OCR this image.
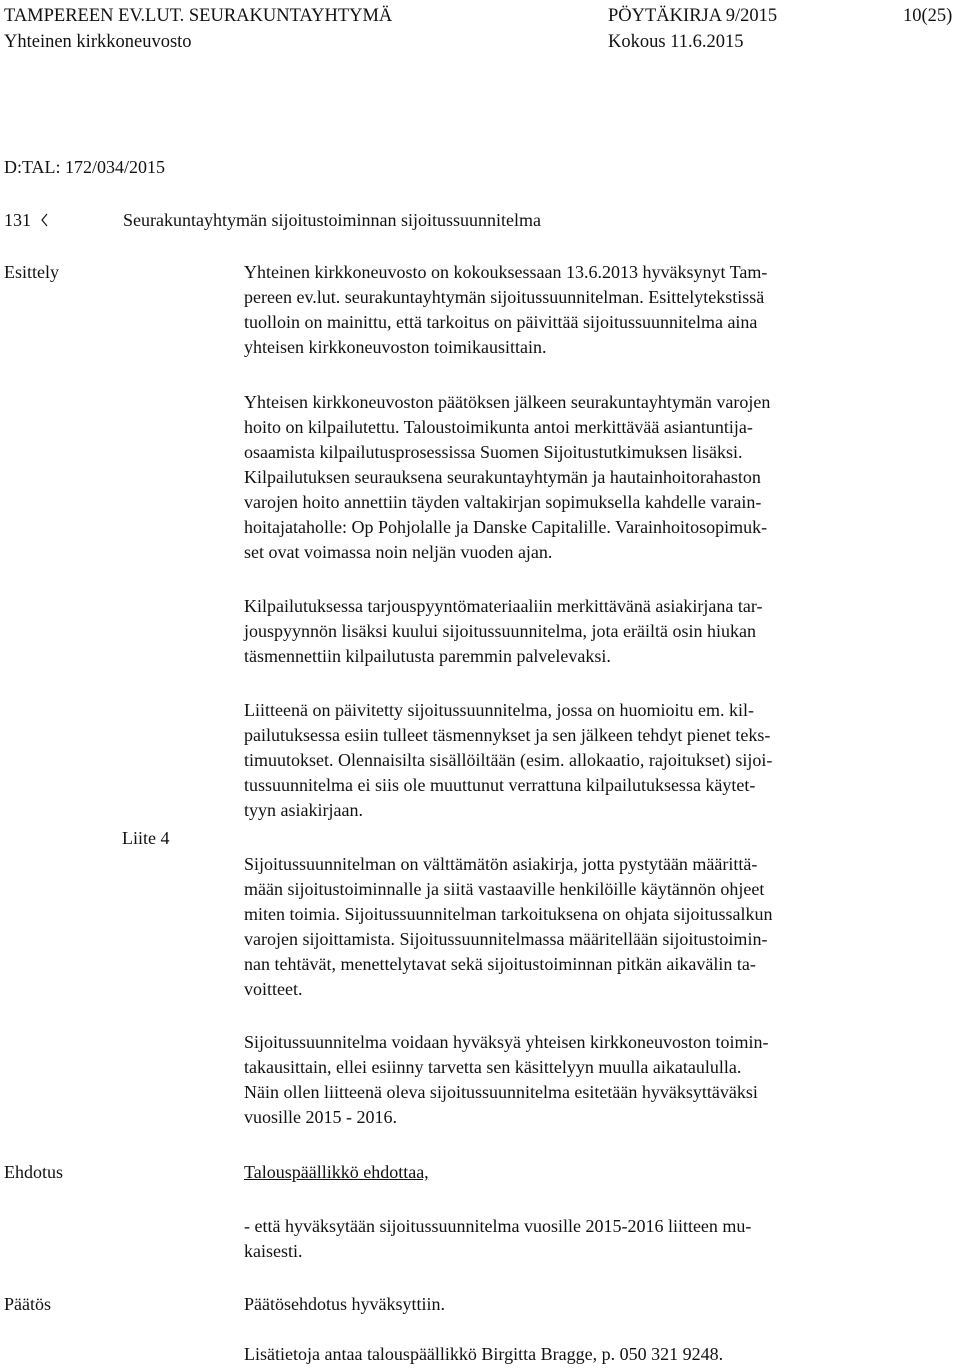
TAMPEREEN EV.LUT. SEURAKUNTAYHTYMÄ
Yhteinen kirkkoneuvosto
PÖYTÄKIRJA 9/2015
Kokous 11.6.2015
10(25)
D:TAL: 172/034/2015
131	Seurakuntayhtymän sijoitustoiminnan sijoitussuunnitelma
Esittely
Liite 4
Ehdotus
Päätös

Yhteinen kirkkoneuvosto on kokouksessaan 13.6.2013 hyväksynyt Tam-
pereen ev.lut. seurakuntayhtymän sijoitussuunnitelman. Esittelytekstissä
tuolloin on mainittu, että tarkoitus on päivittää sijoitussuunnitelma aina
yhteisen kirkkoneuvoston toimikausittain.

Yhteisen kirkkoneuvoston päätöksen jälkeen seurakuntayhtymän varojen
hoito on kilpailutettu. Taloustoimikunta antoi merkittävää asiantuntija-
osaamista kilpailutusprosessissa Suomen Sijoitustutkimuksen lisäksi.
Kilpailutuksen seurauksena seurakuntayhtymän ja hautainhoitorahaston
varojen hoito annettiin täyden valtakirjan sopimuksella kahdelle varain-
hoitajataholle: Op Pohjolalle ja Danske Capitalille. Varainhoitosopimuk-
set ovat voimassa noin neljän vuoden ajan.

Kilpailutuksessa tarjouspyyntömateriaaliin merkittävänä asiakirjana tar-
jouspyynnön lisäksi kuului sijoitussuunnitelma, jota eräiltä osin hiukan
täsmennettiin kilpailutusta paremmin palvelevaksi.

Liitteenä on päivitetty sijoitussuunnitelma, jossa on huomioitu em. kil-
pailutuksessa esiin tulleet täsmennykset ja sen jälkeen tehdyt pienet teks-
timuutokset. Olennaisilta sisällöiltään (esim. allokaatio, rajoitukset) sijoi-
tussuunnitelma ei siis ole muuttunut verrattuna kilpailutuksessa käytet-
tyyn asiakirjaan.

Sijoitussuunnitelman on välttämätön asiakirja, jotta pystytään määrittä-
mään sijoitustoiminnalle ja siitä vastaaville henkilöille käytännön ohjeet
miten toimia. Sijoitussuunnitelman tarkoituksena on ohjata sijoitussalkun
varojen sijoittamista. Sijoitussuunnitelmassa määritellään sijoitustoimin-
nan tehtävät, menettelytavat sekä sijoitustoiminnan pitkän aikavälin ta-
voitteet.

Sijoitussuunnitelma voidaan hyväksyä yhteisen kirkkoneuvoston toimin-
takausittain, ellei esiinny tarvetta sen käsittelyyn muulla aikataululla.
Näin ollen liitteenä oleva sijoitussuunnitelma esitetään hyväksyttäväksi
vuosille 2015 - 2016.

Talouspäällikkö ehdottaa,
- että hyväksytään sijoitussuunnitelma vuosille 2015-2016 liitteen mu-
kaisesti.
Päätösehdotus hyväksyttiin.
Lisätietoja antaa talouspäällikkö Birgitta Bragge, p. 050 321 9248.
